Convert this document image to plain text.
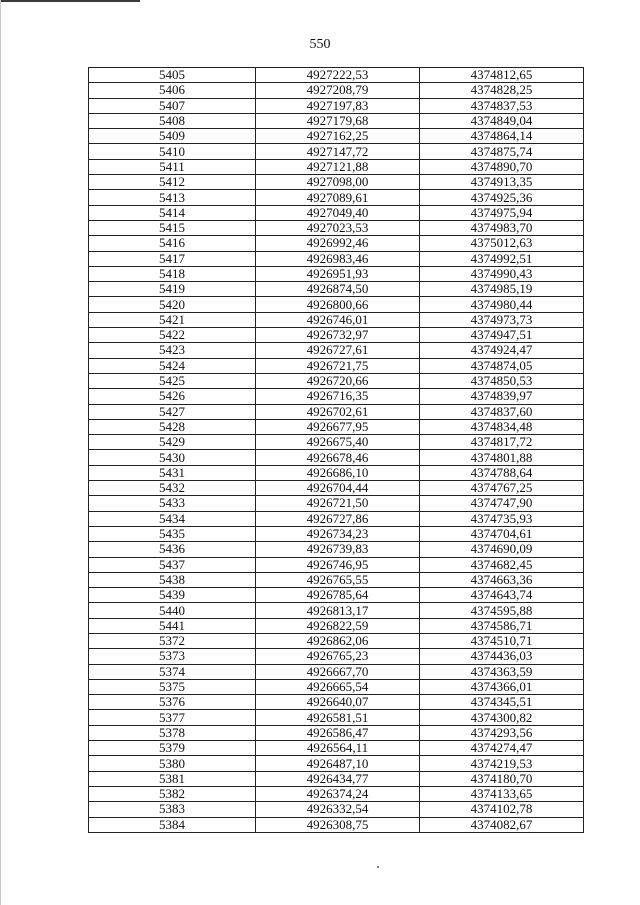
550
5405	4927222,53	4374812,65
5406	4927208,79	4374828,25
5407	4927197,83	4374837,53
5408	4927179,68	4374849,04
5409	4927162,25	4374864,14
5410	4927147,72	4374875,74
5411	4927121,88	4374890,70
5412	4927098,00	4374913,35
5413	4927089,61	4374925,36
5414	4927049,40	4374975,94
5415	4927023,53	4374983,70
5416	4926992,46	4375012,63
5417	4926983,46	4374992,51
5418	4926951,93	4374990,43
5419	4926874,50	4374985,19
5420	4926800,66	4374980,44
5421	4926746,01	4374973,73
5422	4926732,97	4374947,51
5423	4926727,61	4374924,47
5424	4926721,75	4374874,05
5425	4926720,66	4374850,53
5426	4926716,35	4374839,97
5427	4926702,61	4374837,60
5428	4926677,95	4374834,48
5429	4926675,40	4374817,72
5430	4926678,46	4374801,88
5431	4926686,10	4374788,64
5432	4926704,44	4374767,25
5433	4926721,50	4374747,90
5434	4926727,86	4374735,93
5435	4926734,23	4374704,61
5436	4926739,83	4374690,09
5437	4926746,95	4374682,45
5438	4926765,55	4374663,36
5439	4926785,64	4374643,74
5440	4926813,17	4374595,88
5441	4926822,59	4374586,71
5372	4926862,06	4374510,71
5373	4926765,23	4374436,03
5374	4926667,70	4374363,59
5375	4926665,54	4374366,01
5376	4926640,07	4374345,51
5377	4926581,51	4374300,82
5378	4926586,47	4374293,56
5379	4926564,11	4374274,47
5380	4926487,10	4374219,53
5381	4926434,77	4374180,70
5382	4926374,24	4374133,65
5383	4926332,54	4374102,78
5384	4926308,75	4374082,67
